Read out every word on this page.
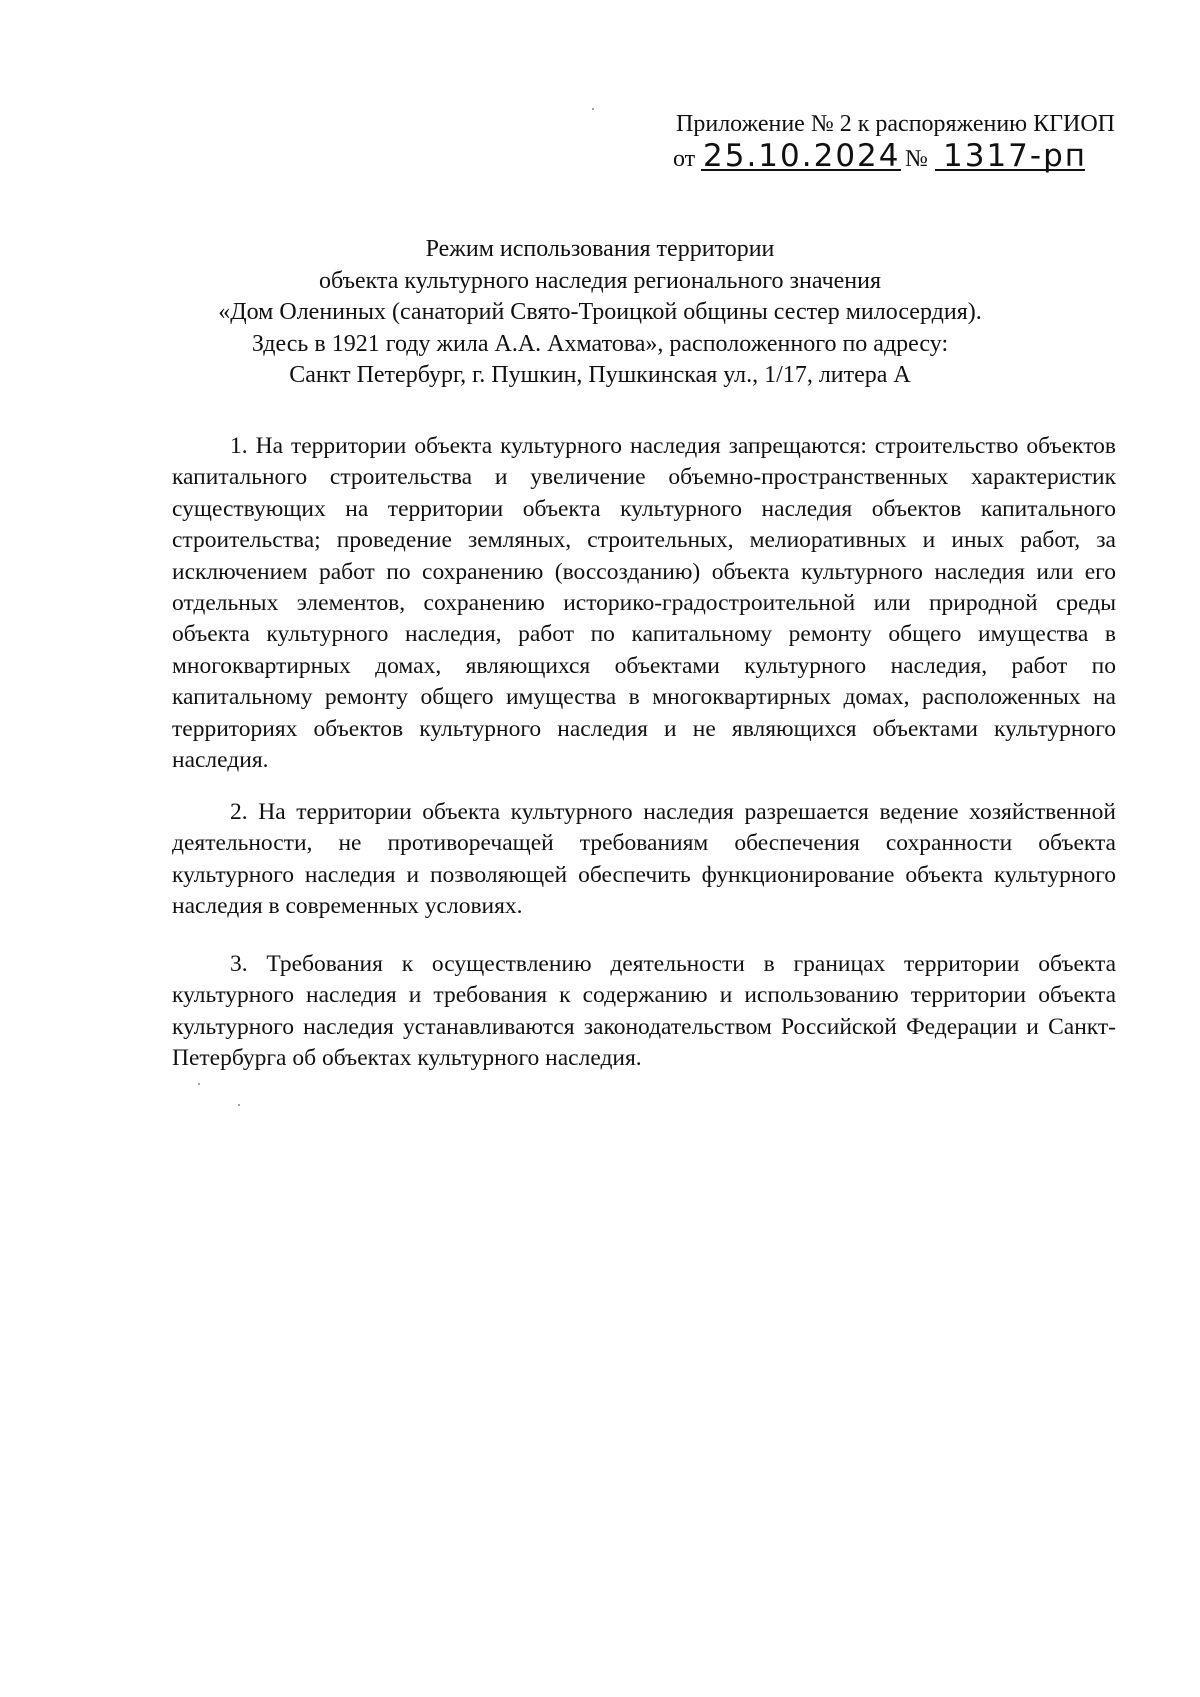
Приложение № 2 к распоряжению КГИОП
от 25.10.2024 № 1317-рп
Режим использования территории
объекта культурного наследия регионального значения
«Дом Олениных (санаторий Свято-Троицкой общины сестер милосердия).
Здесь в 1921 году жила А.А. Ахматова», расположенного по адресу:
Санкт Петербург, г. Пушкин, Пушкинская ул., 1/17, литера А

1. На территории объекта культурного наследия запрещаются: строительство объектов капитального строительства и увеличение объемно-пространственных характеристик существующих на территории объекта культурного наследия объектов капитального строительства; проведение земляных, строительных, мелиоративных и иных работ, за исключением работ по сохранению (воссозданию) объекта культурного наследия или его отдельных элементов, сохранению историко-градостроительной или природной среды объекта культурного наследия, работ по капитальному ремонту общего имущества в многоквартирных домах, являющихся объектами культурного наследия, работ по капитальному ремонту общего имущества в многоквартирных домах, расположенных на территориях объектов культурного наследия и не являющихся объектами культурного наследия.

2. На территории объекта культурного наследия разрешается ведение хозяйственной деятельности, не противоречащей требованиям обеспечения сохранности объекта культурного наследия и позволяющей обеспечить функционирование объекта культурного наследия в современных условиях.

3. Требования к осуществлению деятельности в границах территории объекта культурного наследия и требования к содержанию и использованию территории объекта культурного наследия устанавливаются законодательством Российской Федерации и Санкт-Петербурга об объектах культурного наследия.
